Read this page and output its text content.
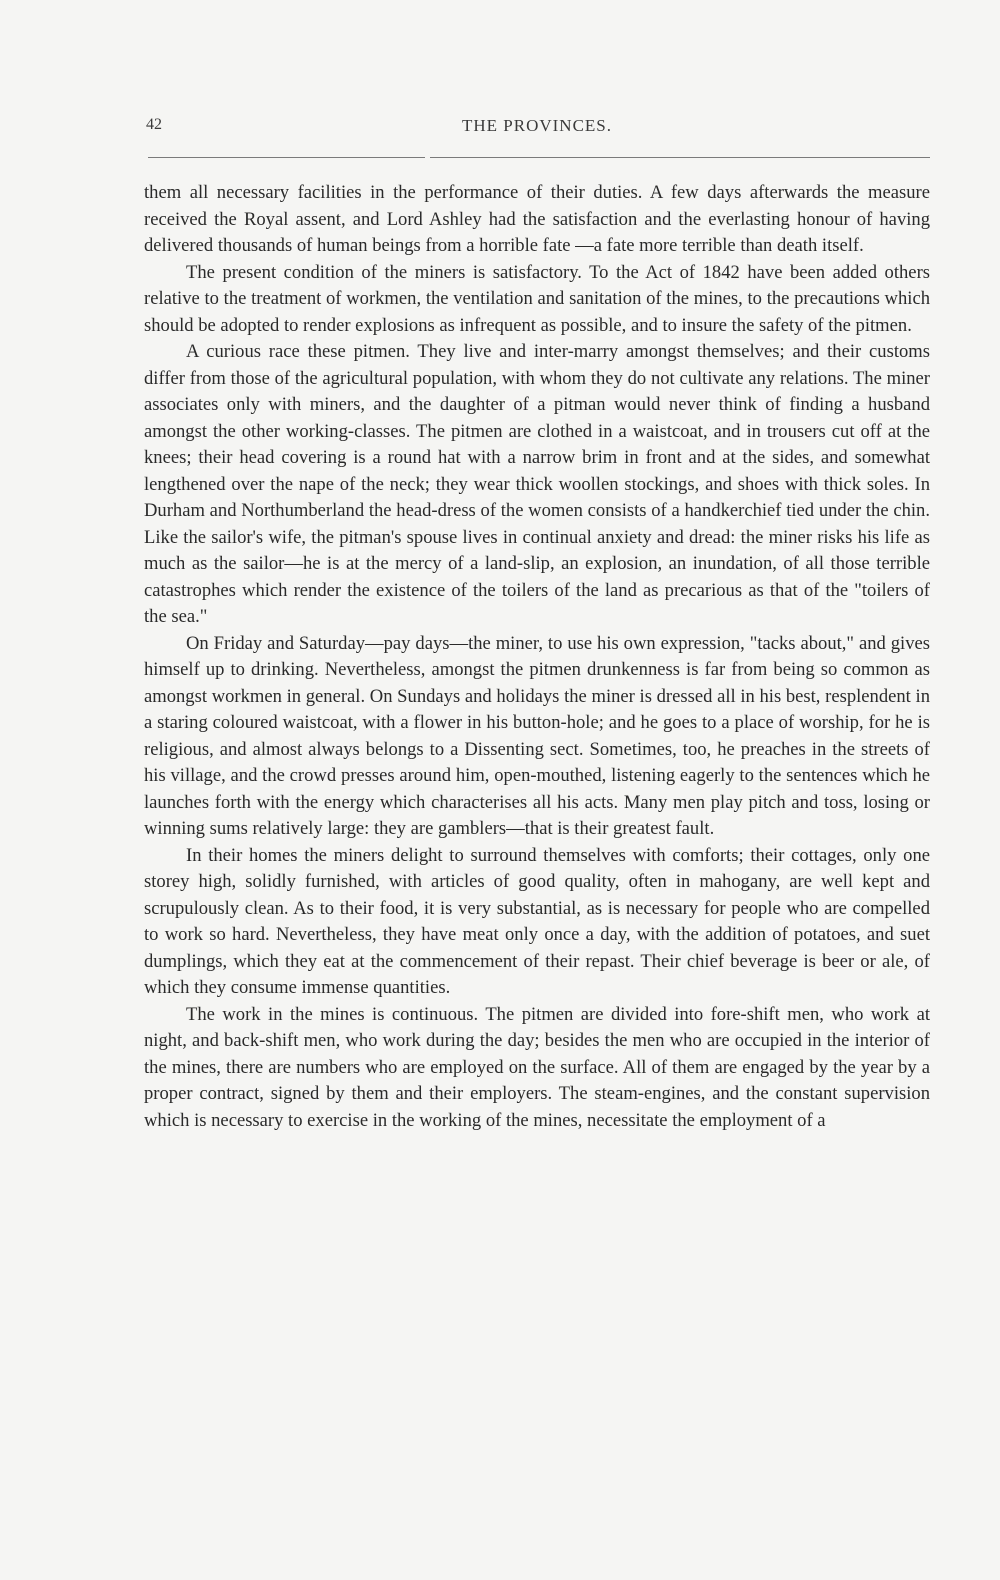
42	THE PROVINCES.

them all necessary facilities in the performance of their duties. A few days afterwards the measure received the Royal assent, and Lord Ashley had the satisfaction and the everlasting honour of having delivered thousands of human beings from a horrible fate —a fate more terrible than death itself.

The present condition of the miners is satisfactory. To the Act of 1842 have been added others relative to the treatment of workmen, the ventilation and sanitation of the mines, to the precautions which should be adopted to render explosions as infrequent as possible, and to insure the safety of the pitmen.

A curious race these pitmen. They live and inter-marry amongst themselves; and their customs differ from those of the agricultural population, with whom they do not cultivate any relations. The miner associates only with miners, and the daughter of a pitman would never think of finding a husband amongst the other working-classes. The pitmen are clothed in a waistcoat, and in trousers cut off at the knees; their head covering is a round hat with a narrow brim in front and at the sides, and somewhat lengthened over the nape of the neck; they wear thick woollen stockings, and shoes with thick soles. In Durham and Northumberland the head-dress of the women consists of a handkerchief tied under the chin. Like the sailor's wife, the pitman's spouse lives in continual anxiety and dread: the miner risks his life as much as the sailor—he is at the mercy of a land-slip, an explosion, an inundation, of all those terrible catastrophes which render the existence of the toilers of the land as precarious as that of the "toilers of the sea."

On Friday and Saturday—pay days—the miner, to use his own expression, "tacks about," and gives himself up to drinking. Nevertheless, amongst the pitmen drunkenness is far from being so common as amongst workmen in general. On Sundays and holidays the miner is dressed all in his best, resplendent in a staring coloured waistcoat, with a flower in his button-hole; and he goes to a place of worship, for he is religious, and almost always belongs to a Dissenting sect. Sometimes, too, he preaches in the streets of his village, and the crowd presses around him, open-mouthed, listening eagerly to the sentences which he launches forth with the energy which characterises all his acts. Many men play pitch and toss, losing or winning sums relatively large: they are gamblers—that is their greatest fault.

In their homes the miners delight to surround themselves with comforts; their cottages, only one storey high, solidly furnished, with articles of good quality, often in mahogany, are well kept and scrupulously clean. As to their food, it is very substantial, as is necessary for people who are compelled to work so hard. Nevertheless, they have meat only once a day, with the addition of potatoes, and suet dumplings, which they eat at the commencement of their repast. Their chief beverage is beer or ale, of which they consume immense quantities.

The work in the mines is continuous. The pitmen are divided into fore-shift men, who work at night, and back-shift men, who work during the day; besides the men who are occupied in the interior of the mines, there are numbers who are employed on the surface. All of them are engaged by the year by a proper contract, signed by them and their employers. The steam-engines, and the constant supervision which is necessary to exercise in the working of the mines, necessitate the employment of a
